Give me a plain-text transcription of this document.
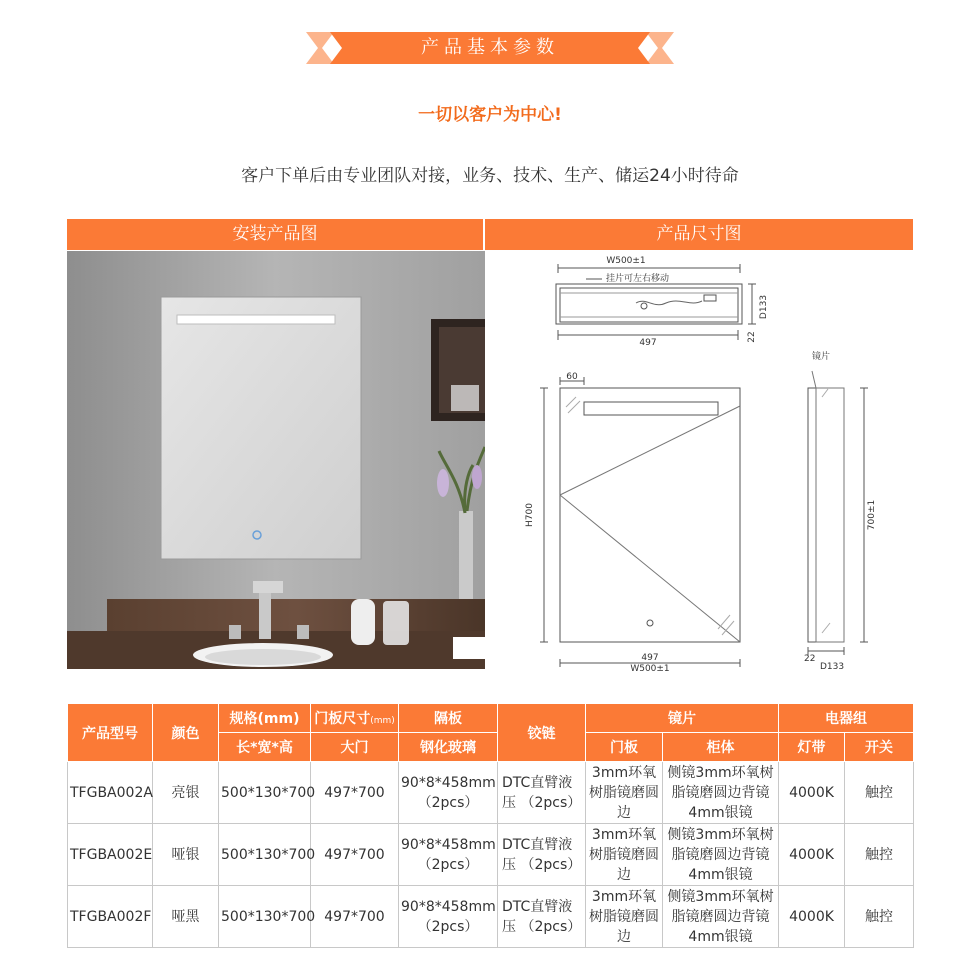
产品基本参数
一切以客户为中心!
客户下单后由专业团队对接，业务、技术、生产、储运24小时待命
安装产品图	产品尺寸图
W500±1
挂片可左右移动
497
D133
22
60
H700
497
W500±1
镜片
700±1
22
D133
产品型号	颜色	规格(mm)	门板尺寸(mm)	隔板	铰链	镜片		电器组	
		长*宽*高	大门	钢化玻璃		门板	柜体	灯带	开关
TFGBA002A	亮银	500*130*700	497*700	90*8*458mm（2pcs）	DTC直臂液压 （2pcs）	3mm环氧树脂镜磨圆边	侧镜3mm环氧树脂镜磨圆边背镜4mm银镜	4000K	触控
TFGBA002E	哑银	500*130*700	497*700	90*8*458mm（2pcs）	DTC直臂液压 （2pcs）	3mm环氧树脂镜磨圆边	侧镜3mm环氧树脂镜磨圆边背镜4mm银镜	4000K	触控
TFGBA002F	哑黑	500*130*700	497*700	90*8*458mm（2pcs）	DTC直臂液压 （2pcs）	3mm环氧树脂镜磨圆边	侧镜3mm环氧树脂镜磨圆边背镜4mm银镜	4000K	触控
